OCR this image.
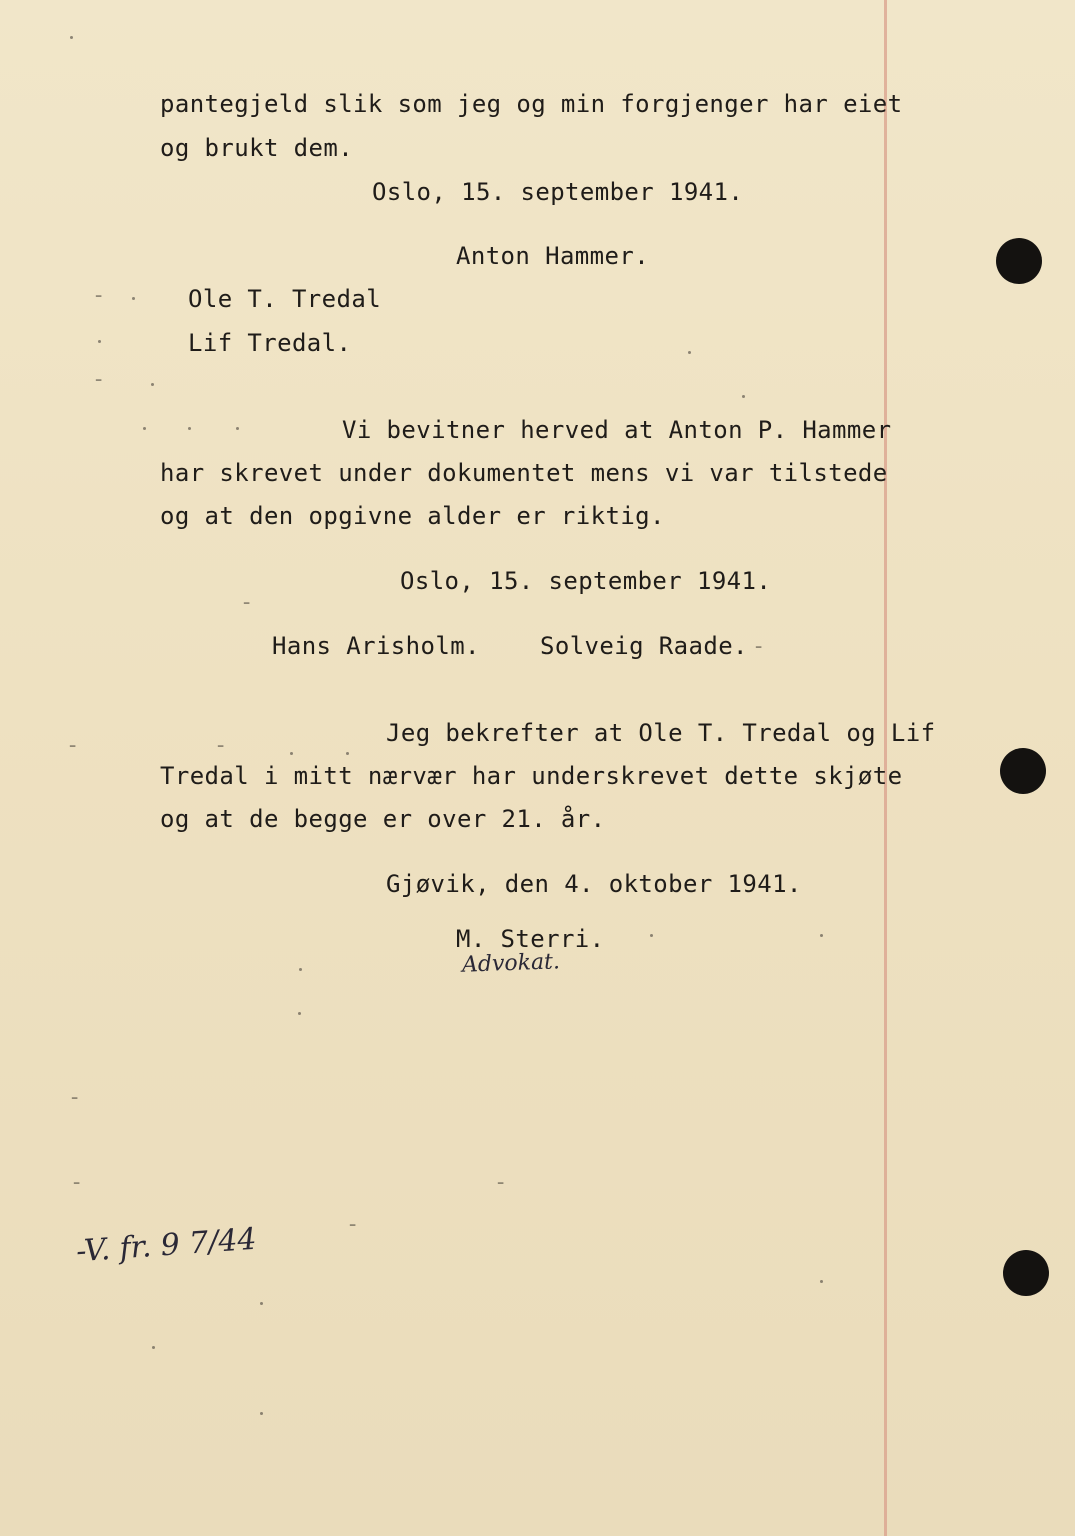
pantegjeld slik som jeg og min forgjenger har eiet
og brukt dem.
Oslo, 15. september 1941.
Anton Hammer.
Ole T. Tredal
Lif Tredal.
Vi bevitner herved at Anton P. Hammer
har skrevet under dokumentet mens vi var tilstede
og at den opgivne alder er riktig.
Oslo, 15. september 1941.
Hans Arisholm.	Solveig Raade.
Jeg bekrefter at Ole T. Tredal og Lif
Tredal i mitt nærvær har underskrevet dette skjøte
og at de begge er over 21. år.
Gjøvik, den 4. oktober 1941.
M. Sterri.
Advokat.
-V. fr. 9 7/44
-
-
-
-
-	-
-
-	-
-
